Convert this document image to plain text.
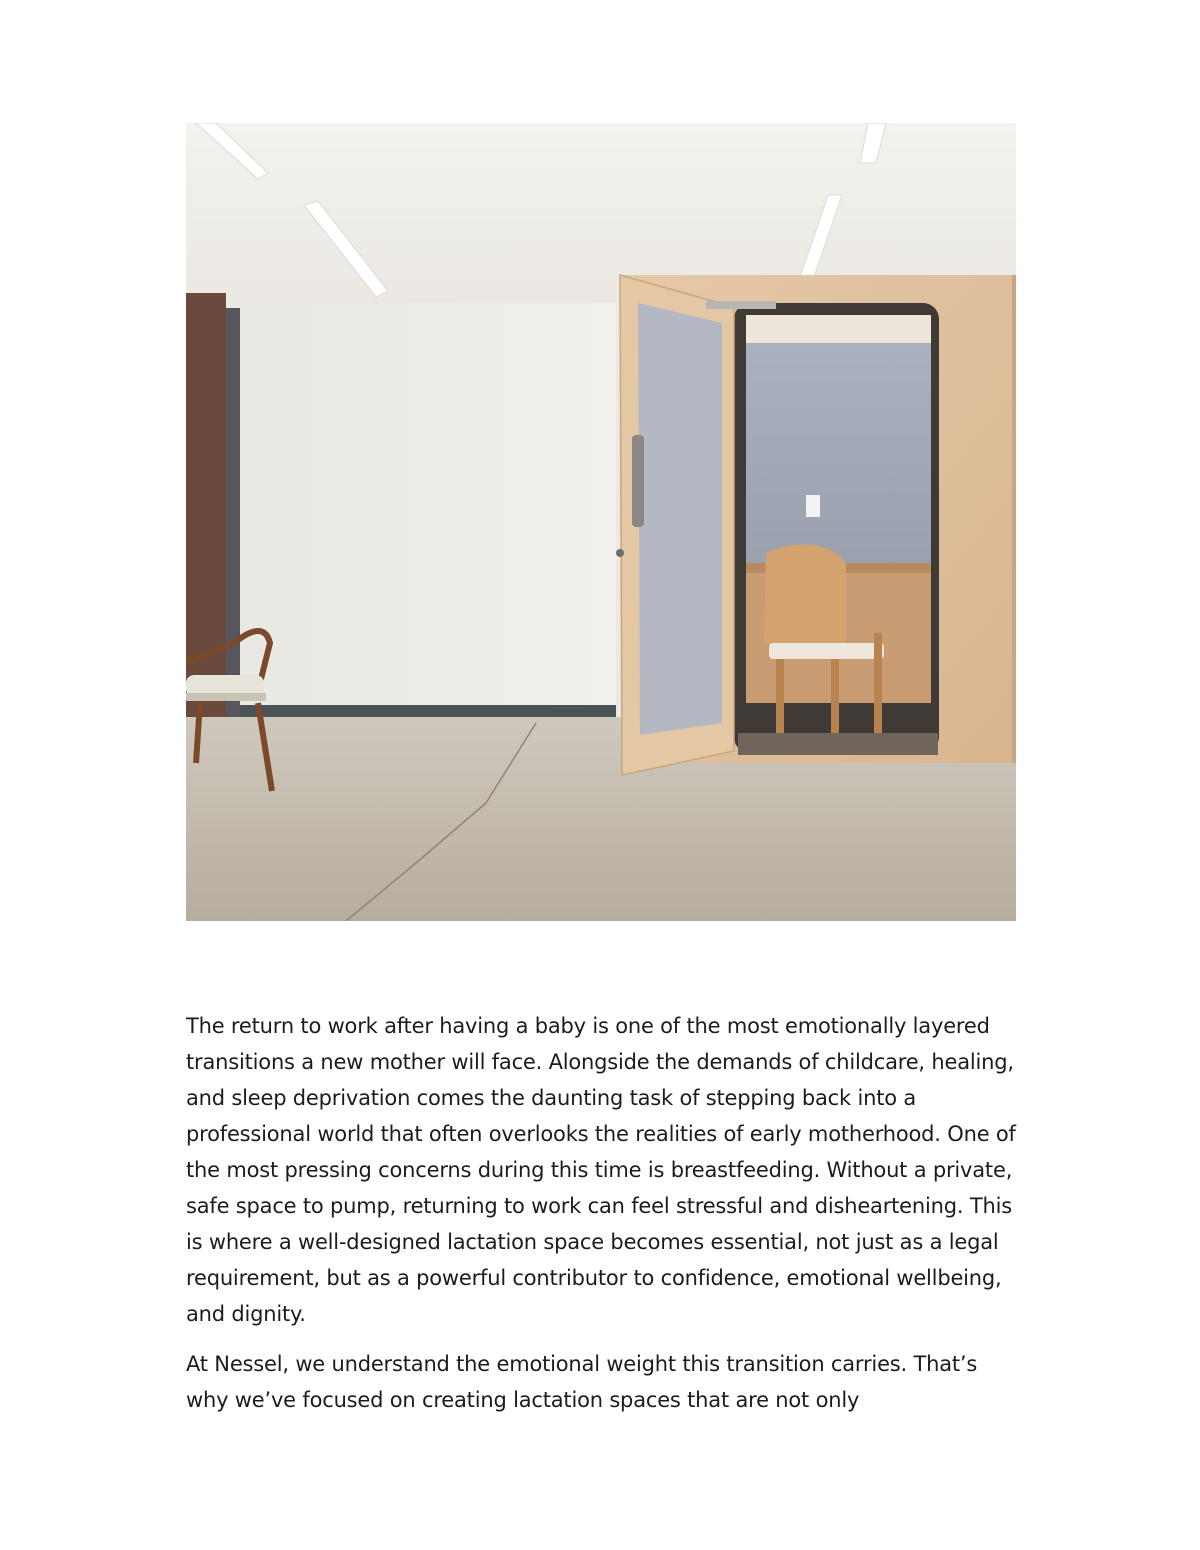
The return to work after having a baby is one of the most emotionally layered transitions a new mother will face. Alongside the demands of childcare, healing, and sleep deprivation comes the daunting task of stepping back into a professional world that often overlooks the realities of early motherhood. One of the most pressing concerns during this time is breastfeeding. Without a private, safe space to pump, returning to work can feel stressful and disheartening. This is where a well-designed lactation space becomes essential, not just as a legal requirement, but as a powerful contributor to confidence, emotional wellbeing, and dignity.

At Nessel, we understand the emotional weight this transition carries. That’s why we’ve focused on creating lactation spaces that are not only
